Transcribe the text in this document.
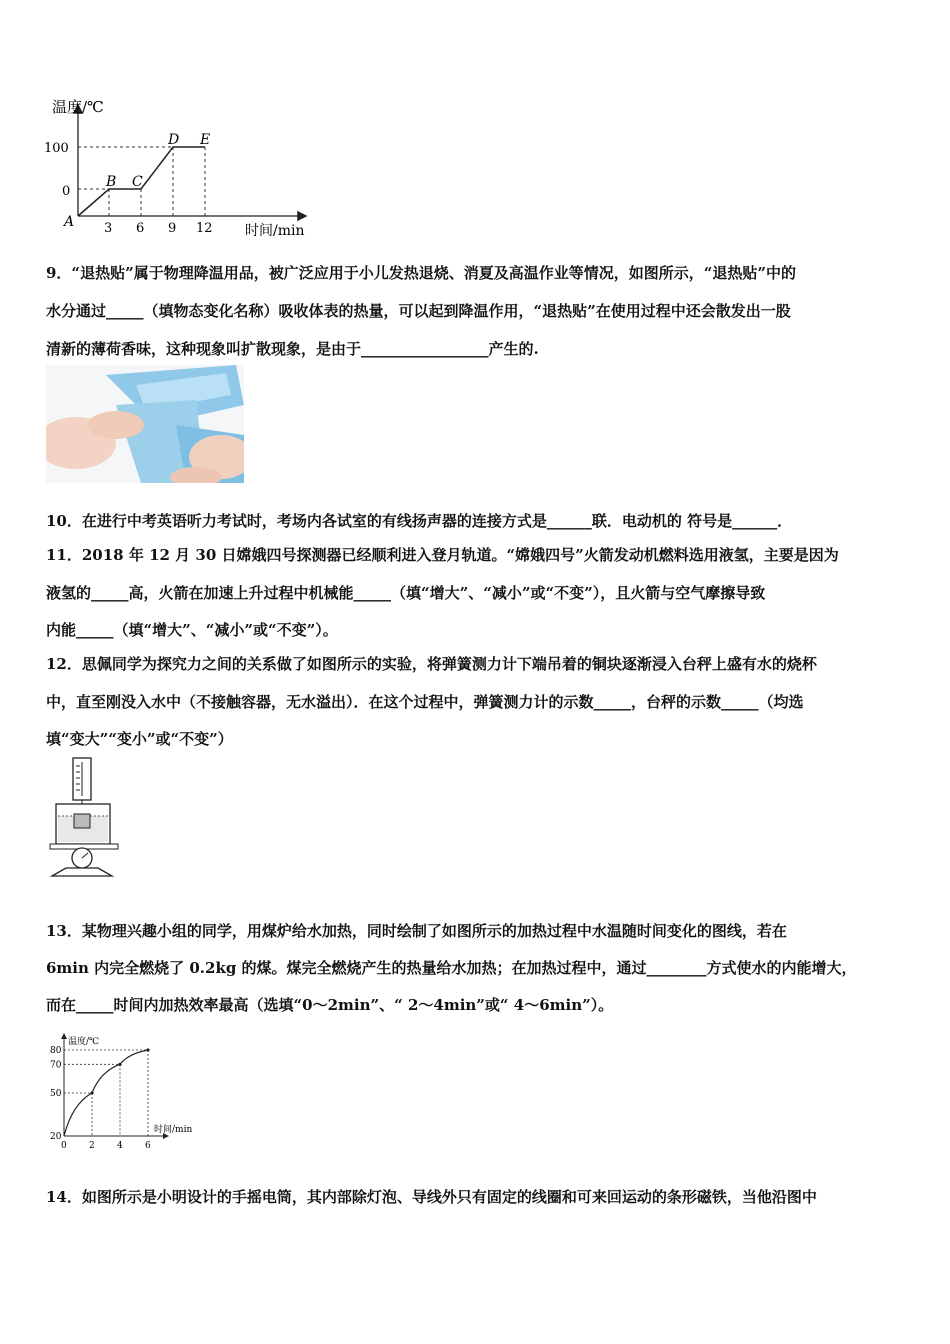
温度/℃
时间/min
100
0
3 6 9 12
A
B C
D E
9．“退热贴”属于物理降温用品，被广泛应用于小儿发热退烧、消夏及高温作业等情况，如图所示，“退热贴”中的
水分通过_____（填物态变化名称）吸收体表的热量，可以起到降温作用，“退热贴”在使用过程中还会散发出一股
清新的薄荷香味，这种现象叫扩散现象，是由于_________________产生的.
10．在进行中考英语听力考试时，考场内各试室的有线扬声器的连接方式是______联．电动机的 符号是______．
11．2018 年 12 月 30 日嫦娥四号探测器已经顺利进入登月轨道。“嫦娥四号”火箭发动机燃料选用液氢，主要是因为
液氢的_____高，火箭在加速上升过程中机械能_____（填“增大”、“减小”或“不变”），且火箭与空气摩擦导致
内能_____（填“增大”、“减小”或“不变”）。
12．思佩同学为探究力之间的关系做了如图所示的实验，将弹簧测力计下端吊着的铜块逐渐浸入台秤上盛有水的烧杯
中，直至刚没入水中（不接触容器，无水溢出）．在这个过程中，弹簧测力计的示数_____，台秤的示数_____（均选
填“变大”“变小”或“不变”）
13．某物理兴趣小组的同学，用煤炉给水加热，同时绘制了如图所示的加热过程中水温随时间变化的图线，若在
6min 内完全燃烧了 0.2kg 的煤。煤完全燃烧产生的热量给水加热；在加热过程中，通过________方式使水的内能增大，
而在_____时间内加热效率最高（选填“0～2min”、“ 2～4min”或“ 4～6min”）。
温度/℃
时间/min
0 2 4 6
20
50
70
80
14．如图所示是小明设计的手摇电筒，其内部除灯泡、导线外只有固定的线圈和可来回运动的条形磁铁，当他沿图中
